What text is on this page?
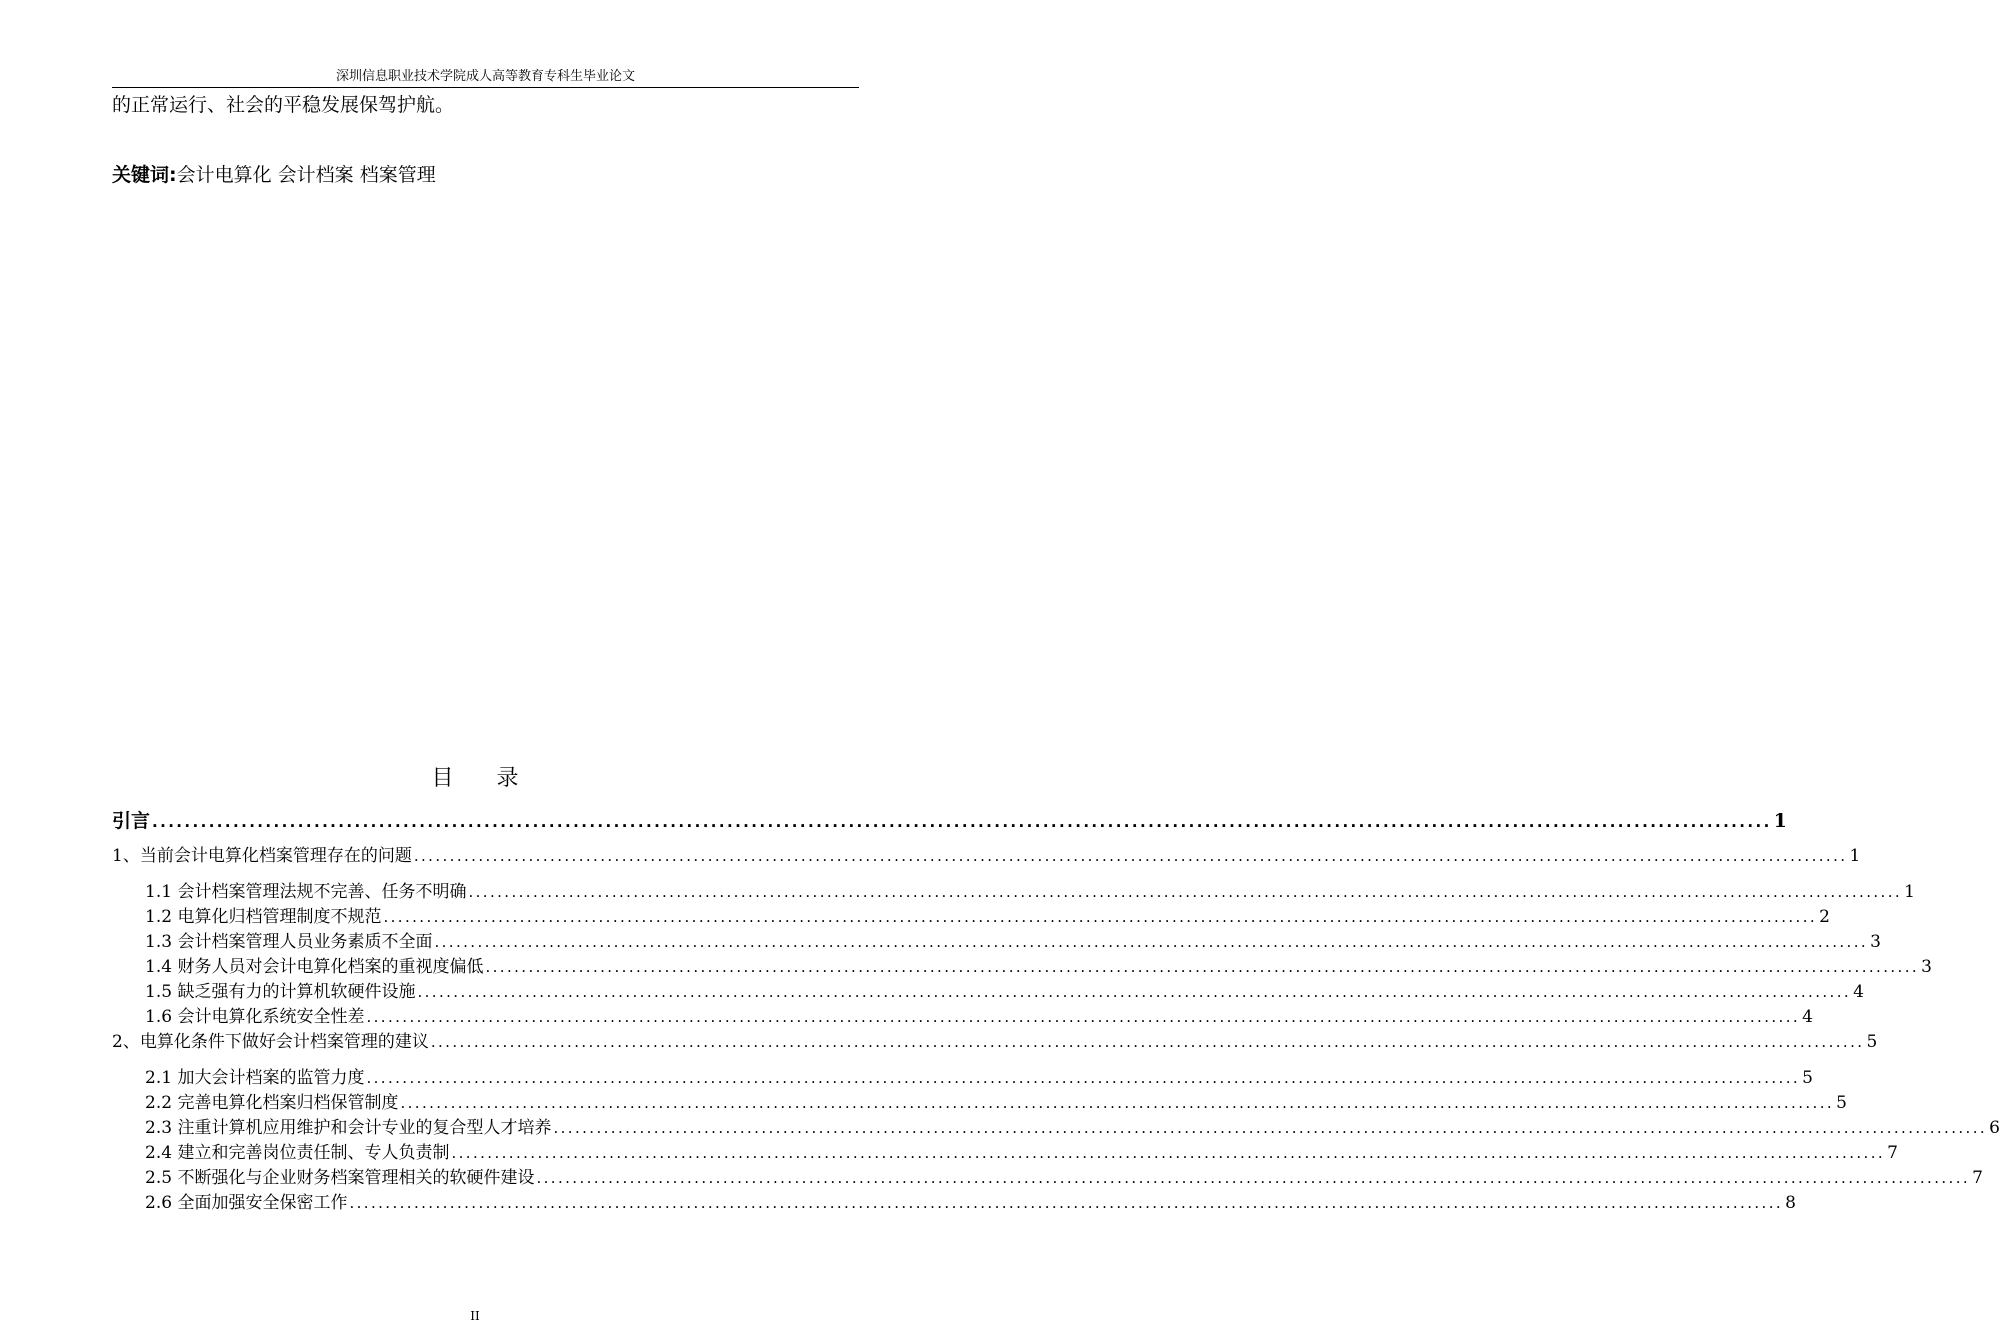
深圳信息职业技术学院成人高等教育专科生毕业论文
的正常运行、社会的平稳发展保驾护航。
关键词:会计电算化 会计档案 档案管理
目 录
引言 ........................................................................................................................................................................................................ 1
1、当前会计电算化档案管理存在的问题 ........................................................................................................................................................................................................ 1
1.1 会计档案管理法规不完善、任务不明确 ........................................................................................................................................................................................................ 1
1.2 电算化归档管理制度不规范 ........................................................................................................................................................................................................ 2
1.3 会计档案管理人员业务素质不全面 ........................................................................................................................................................................................................ 3
1.4 财务人员对会计电算化档案的重视度偏低 ........................................................................................................................................................................................................ 3
1.5 缺乏强有力的计算机软硬件设施 ........................................................................................................................................................................................................ 4
1.6 会计电算化系统安全性差 ........................................................................................................................................................................................................ 4
2、电算化条件下做好会计档案管理的建议 ........................................................................................................................................................................................................ 5
2.1 加大会计档案的监管力度 ........................................................................................................................................................................................................ 5
2.2 完善电算化档案归档保管制度 ........................................................................................................................................................................................................ 5
2.3 注重计算机应用维护和会计专业的复合型人才培养 ........................................................................................................................................................................................................ 6
2.4 建立和完善岗位责任制、专人负责制 ........................................................................................................................................................................................................ 7
2.5 不断强化与企业财务档案管理相关的软硬件建设 ........................................................................................................................................................................................................ 7
2.6 全面加强安全保密工作 ........................................................................................................................................................................................................ 8
II
